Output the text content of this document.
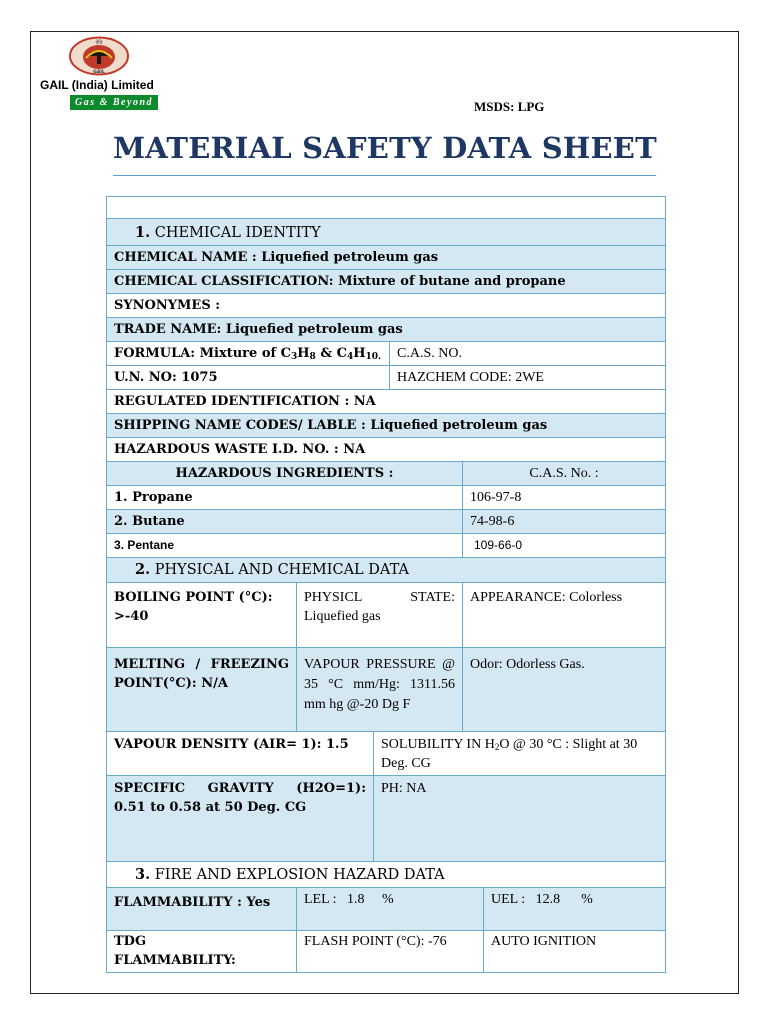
ऐति
GAIL
GAIL (India) Limited
Gas & Beyond	MSDS: LPG
MATERIAL SAFETY DATA SHEET

1. CHEMICAL IDENTITY					
CHEMICAL NAME : Liquefied petroleum gas					
CHEMICAL CLASSIFICATION: Mixture of butane and propane					
SYNONYMES :					
TRADE NAME: Liquefied petroleum gas					
FORMULA: Mixture of $C_3H_8$ & $C_4H_{10.}$			C.A.S. NO.		
U.N. NO: 1075			HAZCHEM CODE: 2WE		
REGULATED IDENTIFICATION : NA					
SHIPPING NAME CODES/ LABLE : Liquefied petroleum gas					
HAZARDOUS WASTE I.D. NO. : NA					
HAZARDOUS INGREDIENTS :				C.A.S. No. :	
1. Propane				106-97-8	
2. Butane				74-98-6	
3. Pentane				109-66-0	
2. PHYSICAL AND CHEMICAL DATA					
BOILING POINT (°C): >-40	PHYSICL STATE: Liquefied gas			APPEARANCE: Colorless	
MELTING / FREEZING POINT(°C): N/A	VAPOUR PRESSURE @ 35 °C mm/Hg: 1311.56 mm hg @-20 Dg F			Odor: Odorless Gas.	
VAPOUR DENSITY (AIR= 1): 1.5		SOLUBILITY IN $H_2O$ @ 30 °C : Slight at 30 Deg. CG			
SPECIFIC GRAVITY (H2O=1): 0.51 to 0.58 at 50 Deg. CG		PH: NA			
3. FIRE AND EXPLOSION HAZARD DATA					
FLAMMABILITY : Yes	LEL :   1.8     %				UEL :   12.8      %
TDG FLAMMABILITY:	FLASH POINT (°C): -76				AUTO IGNITION
